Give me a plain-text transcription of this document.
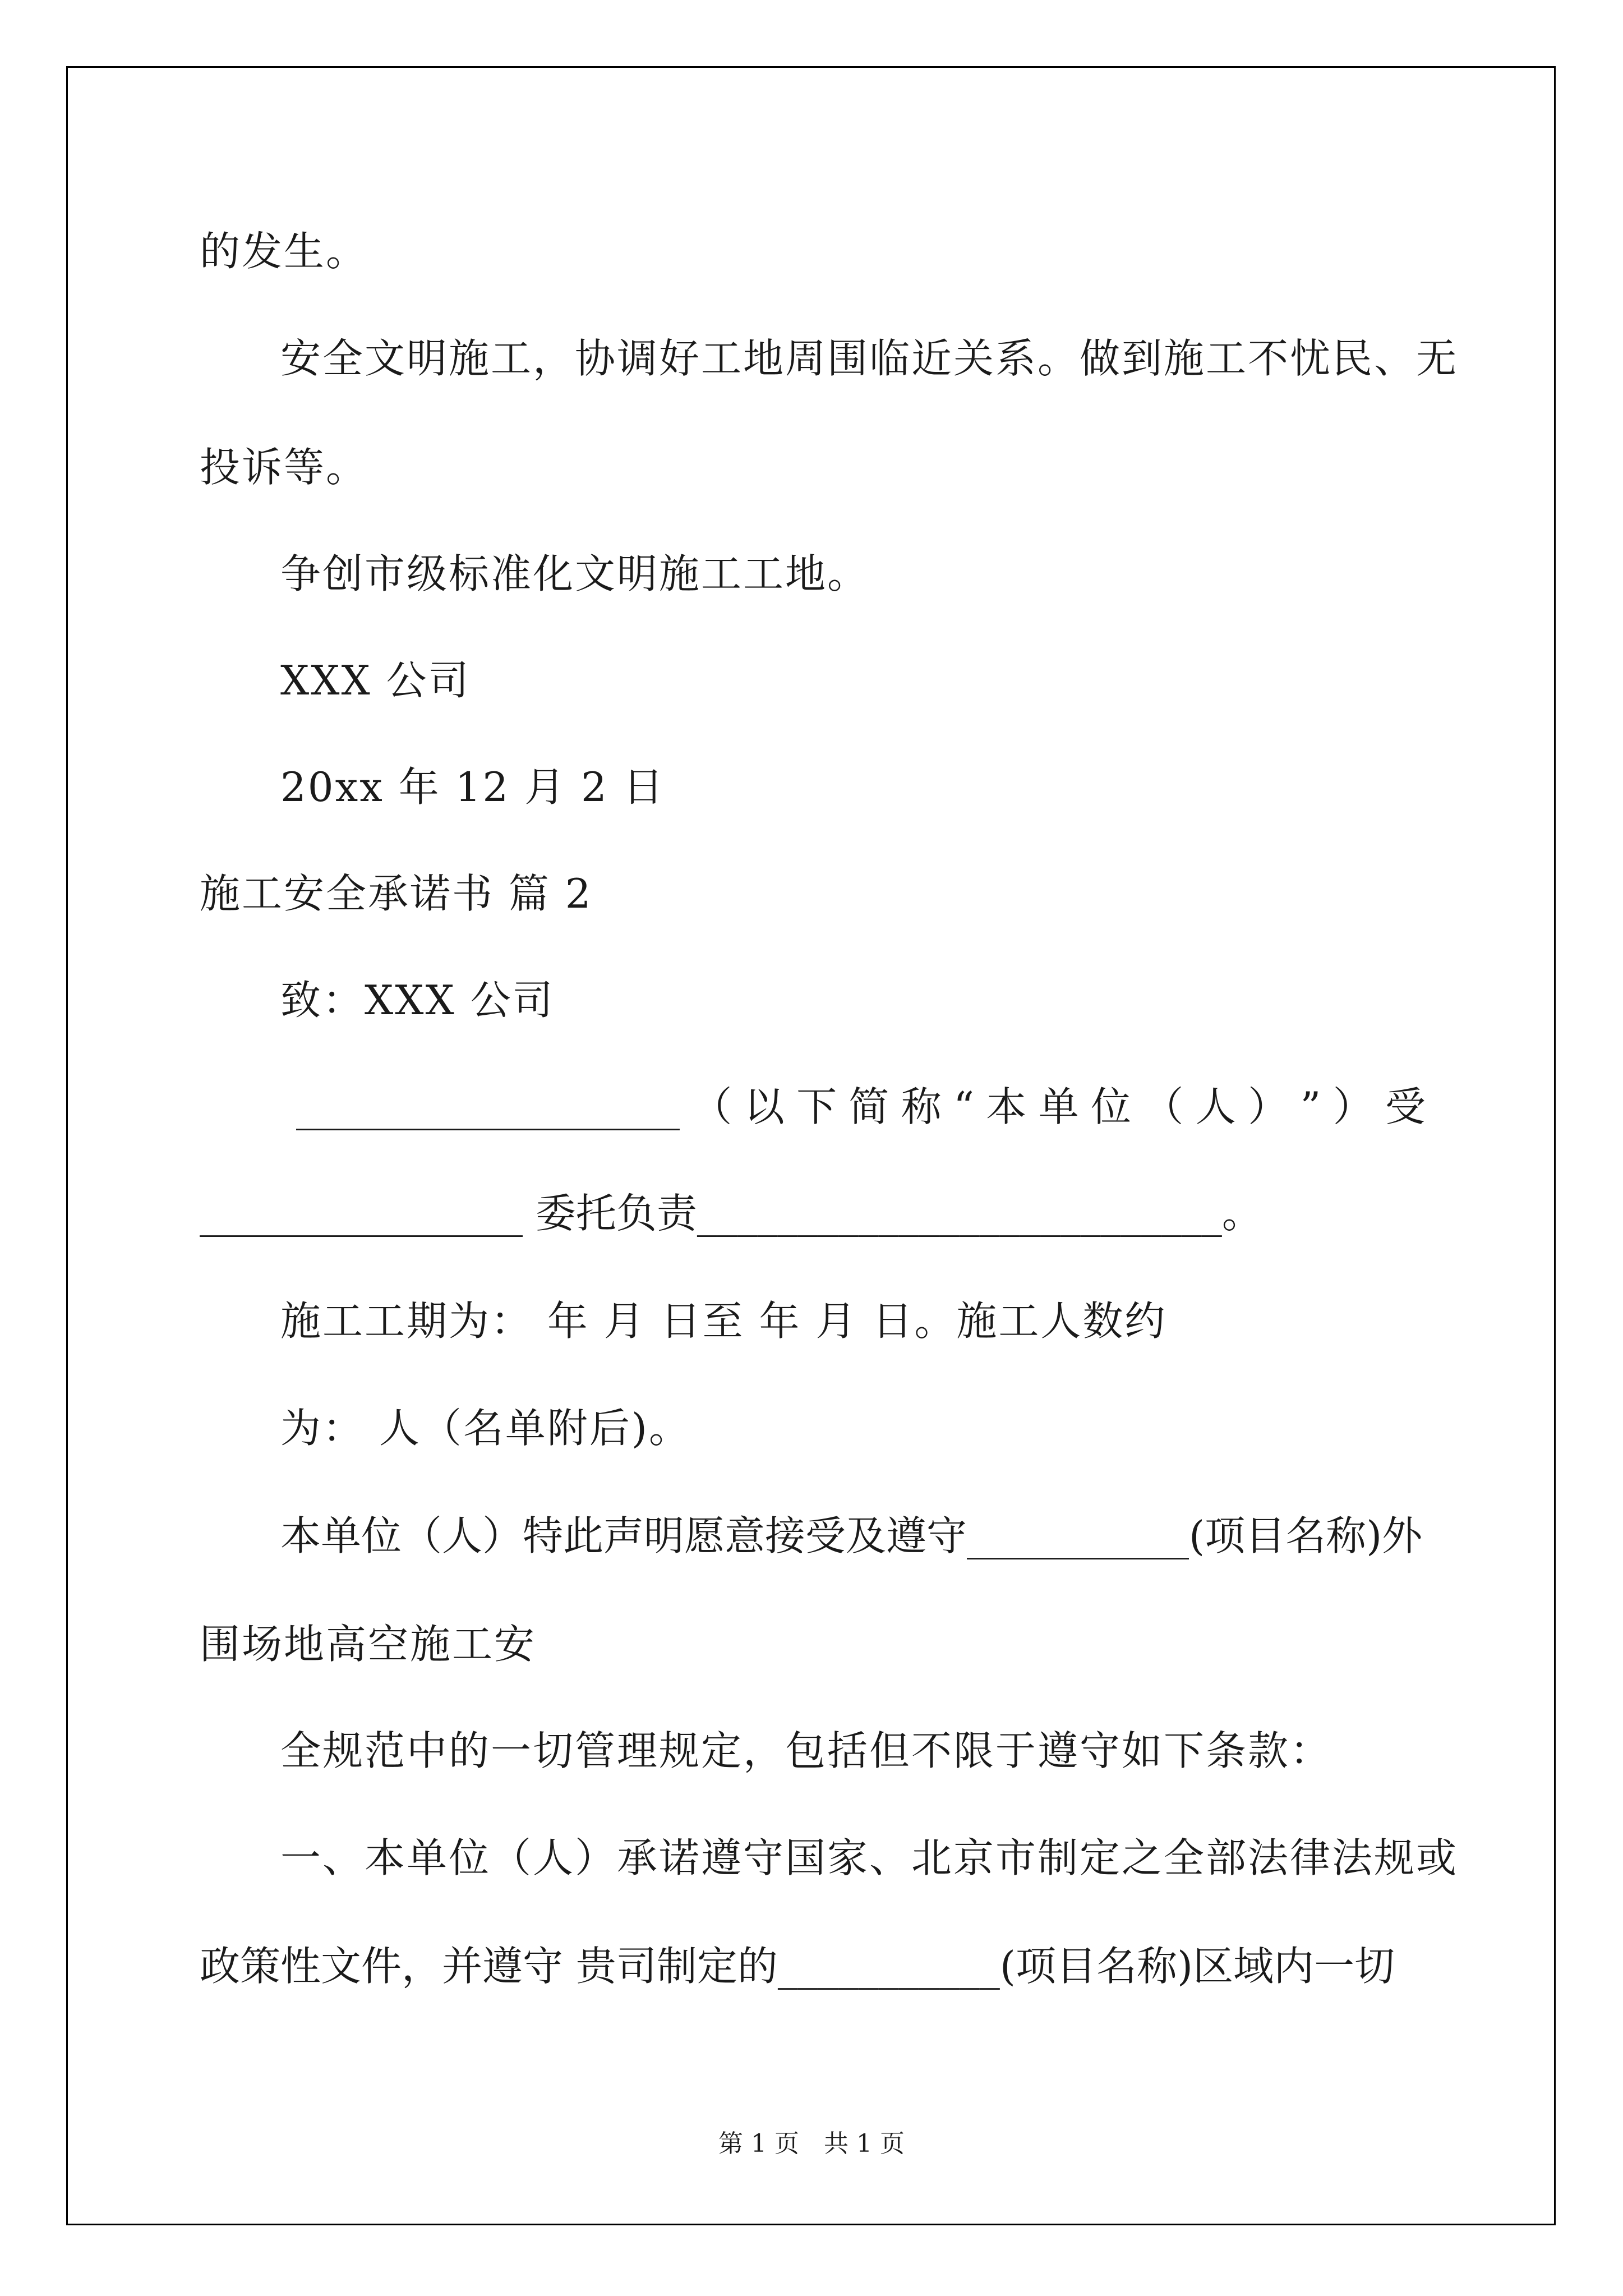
的发生。

安全文明施工，协调好工地周围临近关系。做到施工不忧民、无

投诉等。

争创市级标准化文明施工工地。

XXX 公司

20xx 年 12 月 2 日

施工安全承诺书 篇 2

致：XXX 公司

___________________ （ 以 下 简 称 “ 本 单 位 （ 人 ） ” ） 受

________________ 委托负责__________________________。

施工工期为： 年 月 日至 年 月 日。施工人数约

为： 人（名单附后)。

本单位（人）特此声明愿意接受及遵守___________(项目名称)外

围场地高空施工安

全规范中的一切管理规定，包括但不限于遵守如下条款：

一、本单位（人）承诺遵守国家、北京市制定之全部法律法规或

政策性文件，并遵守 贵司制定的___________(项目名称)区域内一切

第 1 页　共 1 页
